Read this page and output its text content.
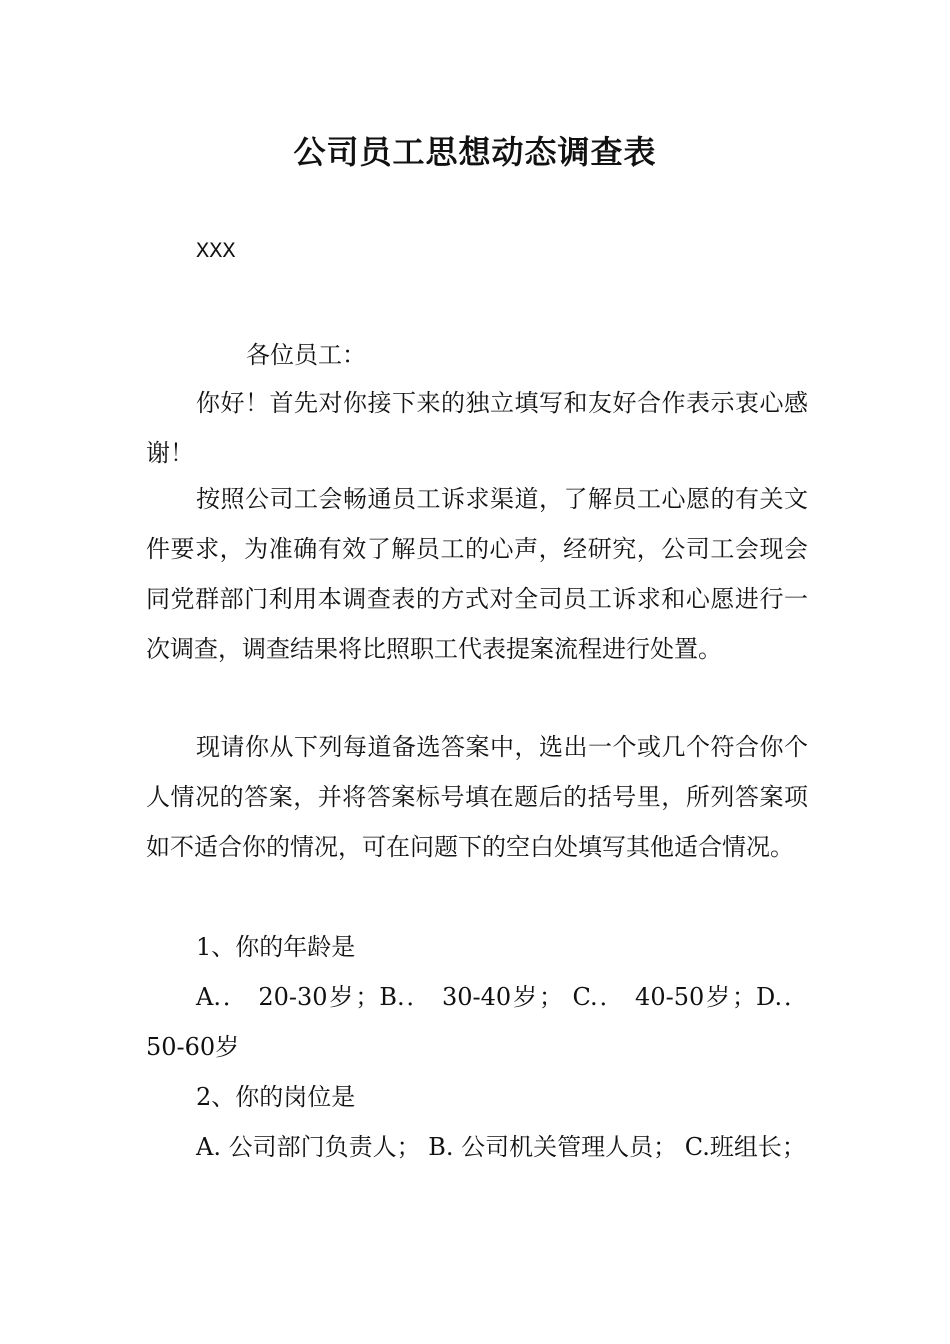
公司员工思想动态调查表
XXX

各位员工：

你好！首先对你接下来的独立填写和友好合作表示衷心感谢！

按照公司工会畅通员工诉求渠道，了解员工心愿的有关文件要求，为准确有效了解员工的心声，经研究，公司工会现会同党群部门利用本调查表的方式对全司员工诉求和心愿进行一次调查，调查结果将比照职工代表提案流程进行处置。

现请你从下列每道备选答案中，选出一个或几个符合你个人情况的答案，并将答案标号填在题后的括号里，所列答案项如不适合你的情况，可在问题下的空白处填写其他适合情况。

1、你的年龄是

A.． 20-30岁；B.． 30-40岁； C.． 40-50岁；D.． 50-60岁

2、你的岗位是

A. 公司部门负责人； B. 公司机关管理人员； C.班组长；
